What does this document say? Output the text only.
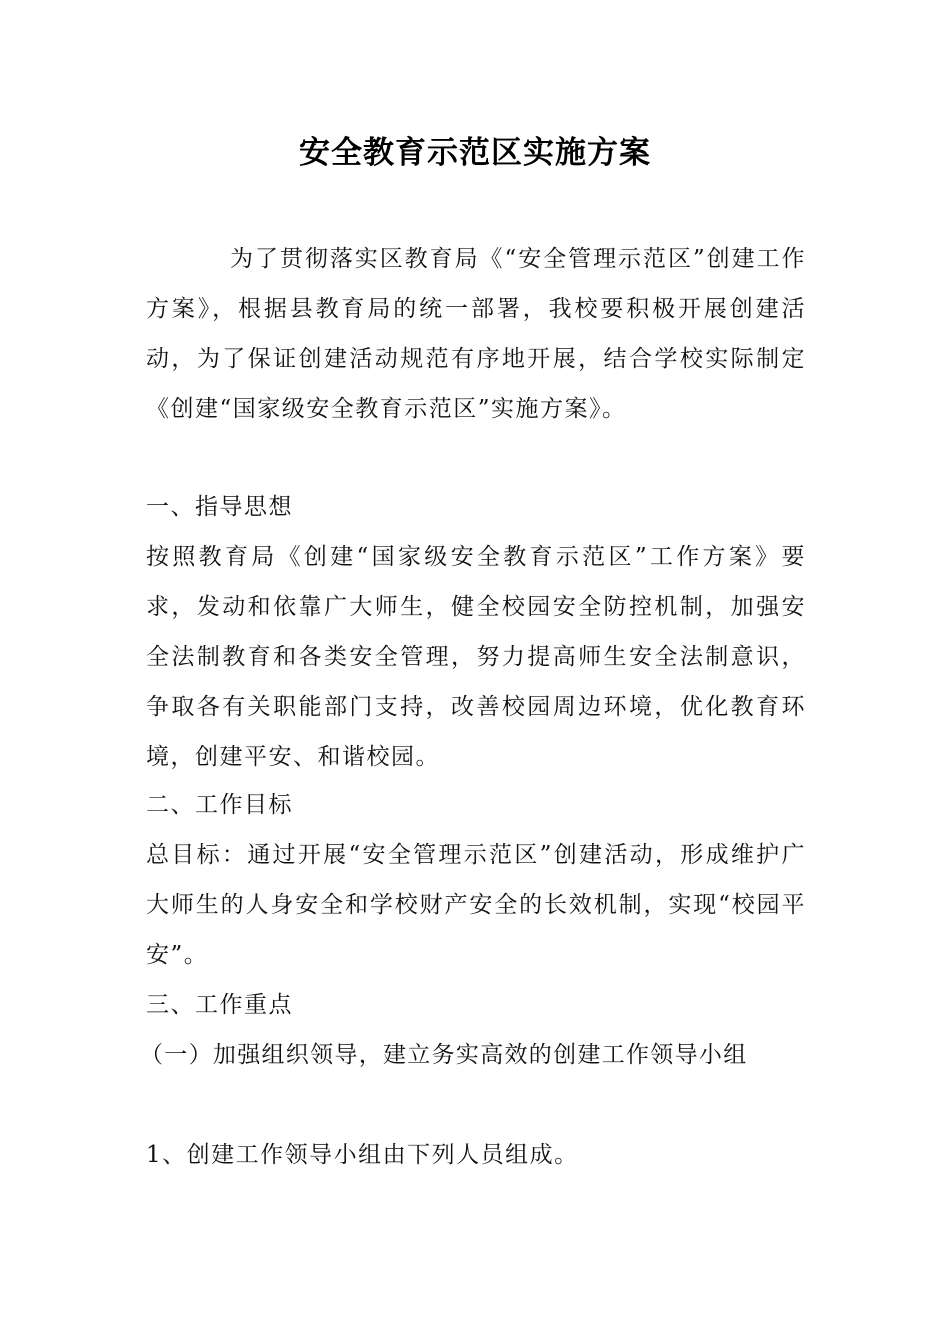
安全教育示范区实施方案
为了贯彻落实区教育局《“安全管理示范区”创建工作方案》，根据县教育局的统一部署，我校要积极开展创建活动，为了保证创建活动规范有序地开展，结合学校实际制定《创建“国家级安全教育示范区”实施方案》。
一、指导思想
按照教育局《创建“国家级安全教育示范区”工作方案》要求，发动和依靠广大师生，健全校园安全防控机制，加强安全法制教育和各类安全管理，努力提高师生安全法制意识，争取各有关职能部门支持，改善校园周边环境，优化教育环境，创建平安、和谐校园。
二、工作目标
总目标：通过开展“安全管理示范区”创建活动，形成维护广大师生的人身安全和学校财产安全的长效机制，实现“校园平安”。
三、工作重点
（一）加强组织领导，建立务实高效的创建工作领导小组
1、创建工作领导小组由下列人员组成。
